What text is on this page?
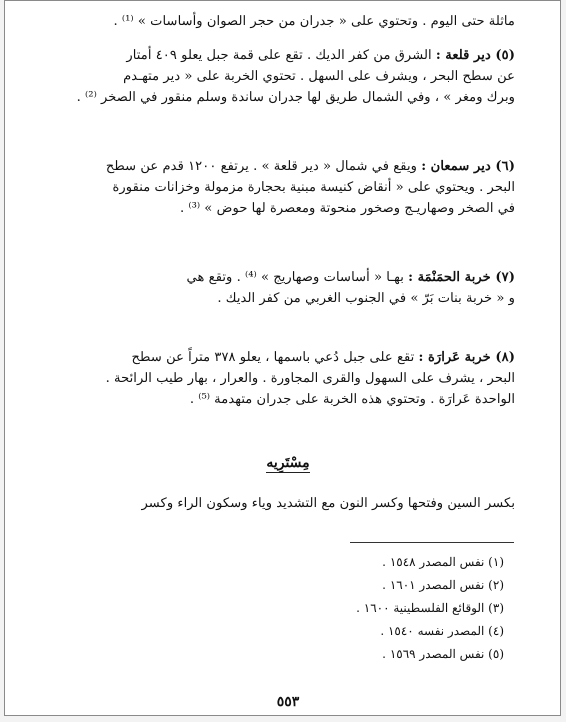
ماثلة حتى اليوم . وتحتوي على « جدران من حجر الصوان وأساسات » ⁽¹⁾ .
(٥) دير قلعة : الشرق من كفر الديك . تقع على قمة جبل يعلو ٤٠٩ أمتار
عن سطح البحر ، ويشرف على السهل . تحتوي الخربة على « دير متهـدم
وبرك ومغر » ، وفي الشمال طريق لها جدران ساندة وسلم منقور في الصخر ⁽²⁾ .
(٦) دير سمعان : ويقع في شمال « دير قلعة » . يرتفع ١٢٠٠ قدم عن سطح
البحر . ويحتوي على « أنقاض كنيسة مبنية بحجارة مزمولة وخزانات منقورة
في الصخر وصهاريـج وصخور منحوتة ومعصرة لها حوض » ⁽³⁾ .
(٧) خربة الحمَنْمَة : بهـا « أساسات وصهاريج » ⁽⁴⁾ . وتقع هي
و « خربة بنات بَرّ » في الجنوب الغربي من كفر الديك .
(٨) خربة عَرارَة : تقع على جبل دُعي باسمها ، يعلو ٣٧٨ متراً عن سطح
البحر ، يشرف على السهول والقرى المجاورة . والعرار ، بهار طيب الرائحة .
الواحدة عَرارَة . وتحتوي هذه الخربة على جدران متهدمة ⁽⁵⁾ .
مِسْتَرِيه
بكسر السين وفتحها وكسر النون مع التشديد وياء وسكون الراء وكسر
(١) نفس المصدر ١٥٤٨ .
(٢) نفس المصدر ١٦٠١ .
(٣) الوقائع الفلسطينية ١٦٠٠ .
(٤) المصدر نفسه ١٥٤٠ .
(٥) نفس المصدر ١٥٦٩ .
٥٥٣
